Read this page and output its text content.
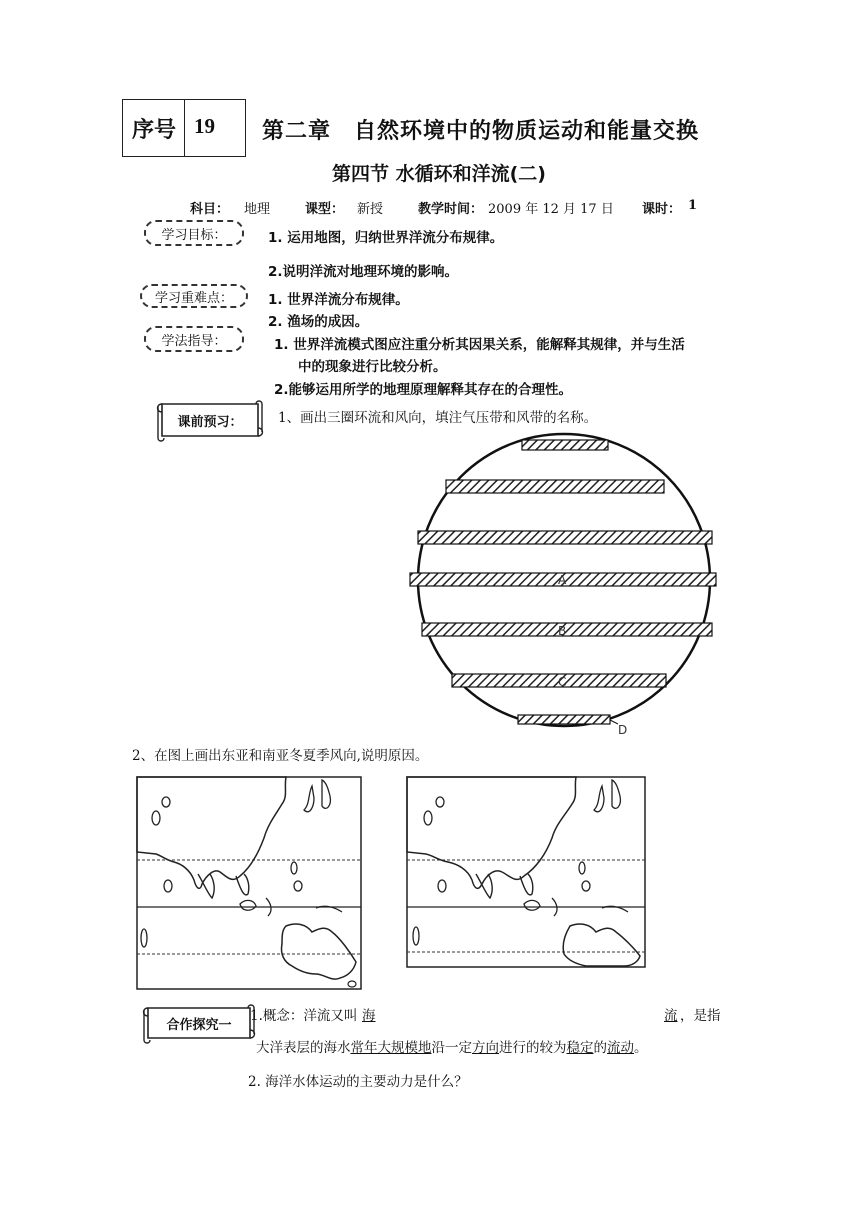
序号 19 第二章　自然环境中的物质运动和能量交换
第四节 水循环和洋流(二)
科目： 地理	课型： 新授	教学时间： 2009 年 12 月 17 日 课时： 1
学习目标：	1. 运用地图，归纳世界洋流分布规律。
2.说明洋流对地理环境的影响。
学习重难点：	1. 世界洋流分布规律。
2. 渔场的成因。
学法指导：	1. 世界洋流模式图应注重分析其因果关系，能解释其规律，并与生活
中的现象进行比较分析。
2.能够运用所学的地理原理解释其存在的合理性。
课前预习：	1、画出三圈环流和风向，填注气压带和风带的名称。
A
B
C
D
2、在图上画出东亚和南亚冬夏季风向,说明原因。
合作探究一
1.概念：洋流又叫 海	流 ，是指
大洋表层的海水常年大规模地沿一定方向进行的较为稳定的流动。
2. 海洋水体运动的主要动力是什么？
